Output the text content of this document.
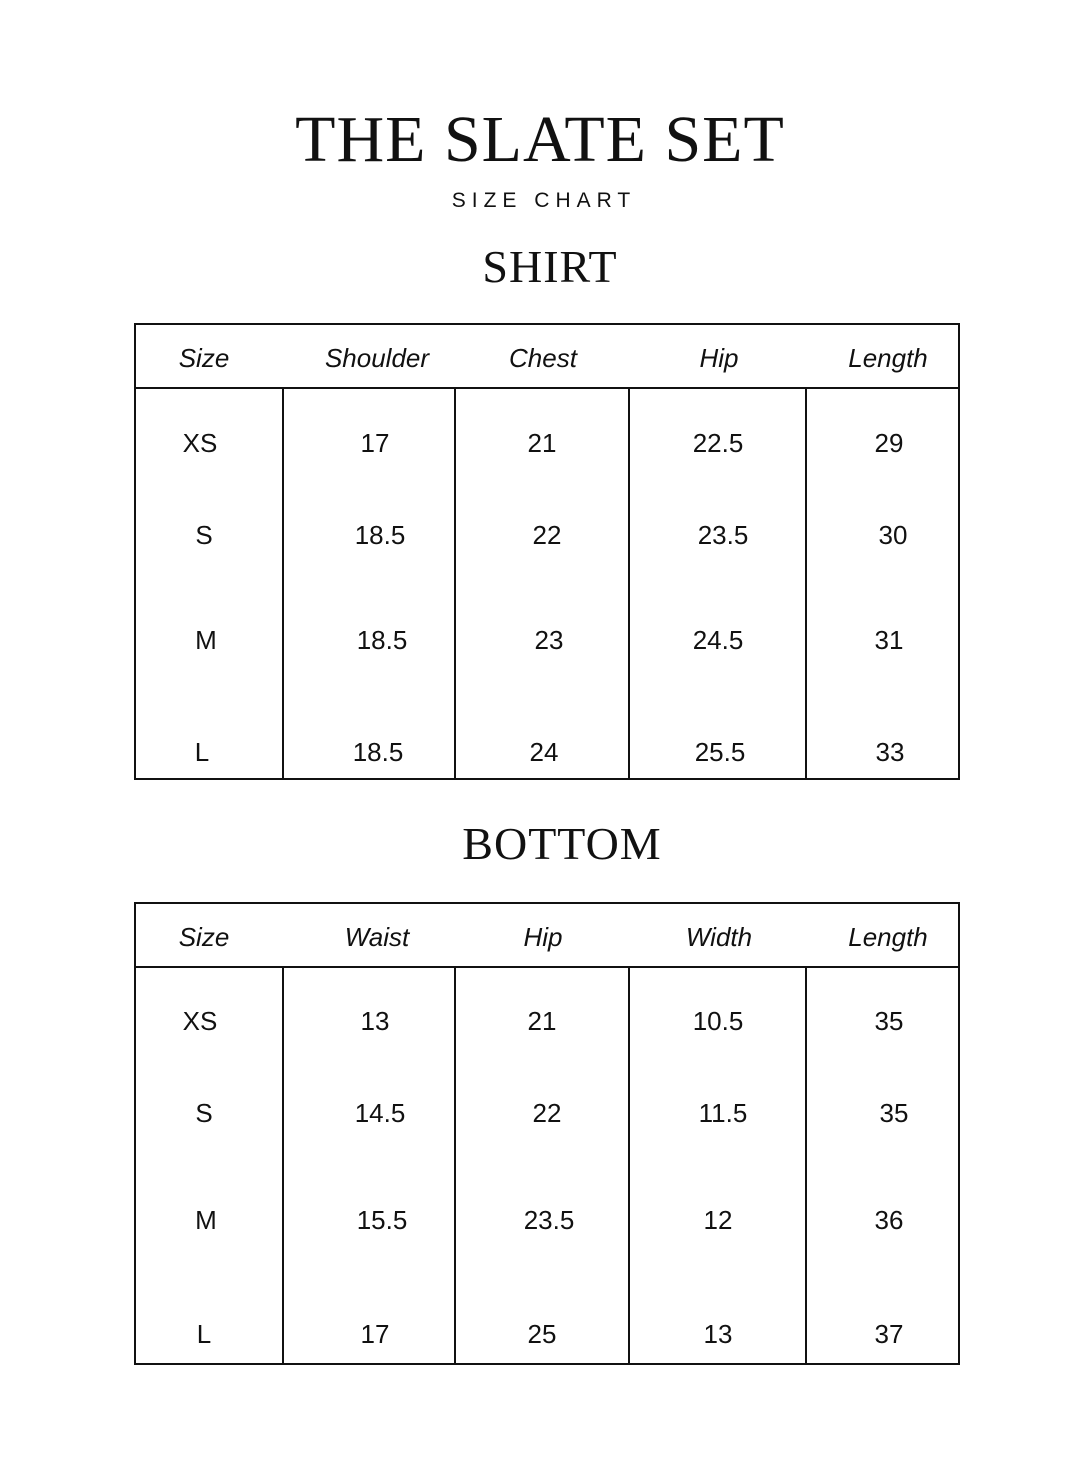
THE SLATE SET
SIZE CHART
SHIRT
Size	Shoulder	Chest	Hip	Length
XS	17	21	22.5	29
S	18.5	22	23.5	30
M	18.5	23	24.5	31
L	18.5	24	25.5	33
BOTTOM
Size	Waist	Hip	Width	Length
XS	13	21	10.5	35
S	14.5	22	11.5	35
M	15.5	23.5	12	36
L	17	25	13	37
